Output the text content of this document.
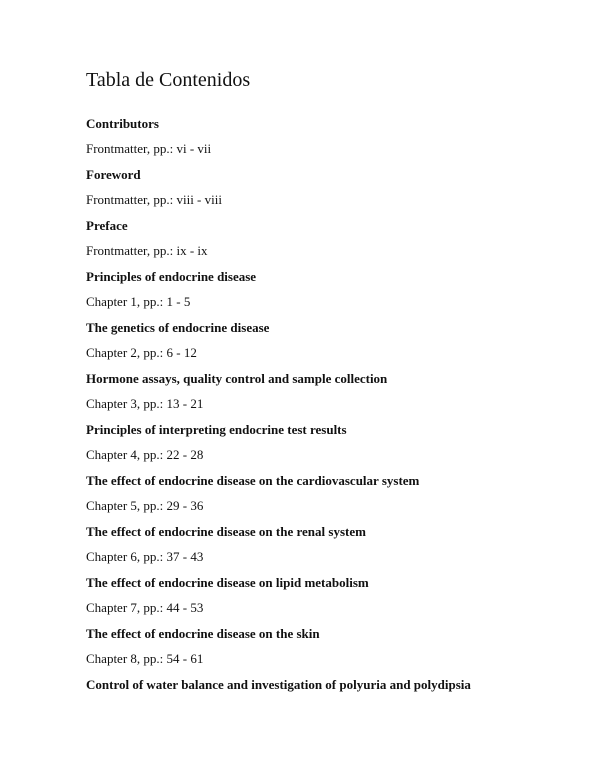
Tabla de Contenidos
Contributors
Frontmatter, pp.: vi - vii
Foreword
Frontmatter, pp.: viii - viii
Preface
Frontmatter, pp.: ix - ix
Principles of endocrine disease
Chapter 1, pp.: 1 - 5
The genetics of endocrine disease
Chapter 2, pp.: 6 - 12
Hormone assays, quality control and sample collection
Chapter 3, pp.: 13 - 21
Principles of interpreting endocrine test results
Chapter 4, pp.: 22 - 28
The effect of endocrine disease on the cardiovascular system
Chapter 5, pp.: 29 - 36
The effect of endocrine disease on the renal system
Chapter 6, pp.: 37 - 43
The effect of endocrine disease on lipid metabolism
Chapter 7, pp.: 44 - 53
The effect of endocrine disease on the skin
Chapter 8, pp.: 54 - 61
Control of water balance and investigation of polyuria and polydipsia
